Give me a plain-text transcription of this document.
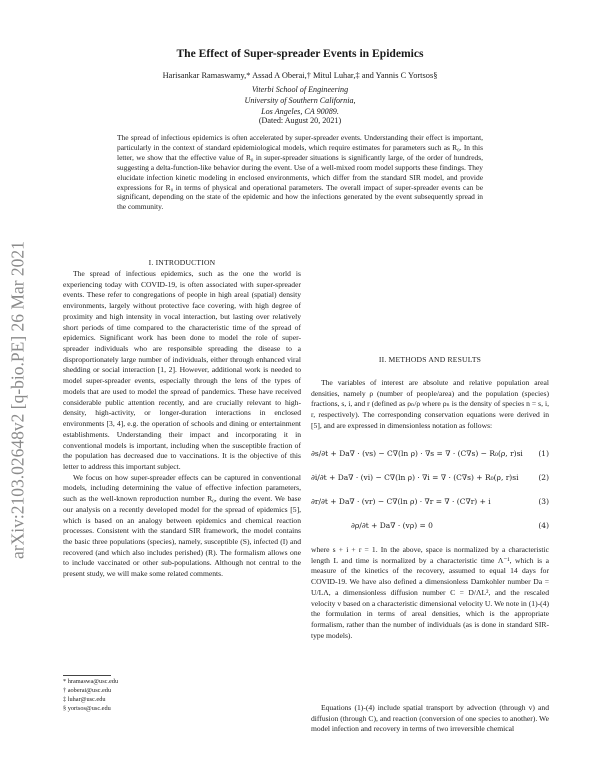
arXiv:2103.02648v2 [q-bio.PE] 26 Mar 2021
The Effect of Super-spreader Events in Epidemics
Harisankar Ramaswamy,* Assad A Oberai,† Mitul Luhar,‡ and Yannis C Yortsos§
Viterbi School of Engineering
University of Southern California,
Los Angeles, CA 90089.
(Dated: August 20, 2021)
The spread of infectious epidemics is often accelerated by super-spreader events. Understanding their effect is important, particularly in the context of standard epidemiological models, which require estimates for parameters such as R₀. In this letter, we show that the effective value of R₀ in super-spreader situations is significantly large, of the order of hundreds, suggesting a delta-function-like behavior during the event. Use of a well-mixed room model supports these findings. They elucidate infection kinetic modeling in enclosed environments, which differ from the standard SIR model, and provide expressions for R₀ in terms of physical and operational parameters. The overall impact of super-spreader events can be significant, depending on the state of the epidemic and how the infections generated by the event subsequently spread in the community.
I. INTRODUCTION

The spread of infectious epidemics, such as the one the world is experiencing today with COVID-19, is often associated with super-spreader events. These refer to congregations of people in high areal (spatial) density environments, largely without protective face covering, with high degree of proximity and high intensity in vocal interaction, but lasting over relatively short periods of time compared to the characteristic time of the spread of epidemics. Significant work has been done to model the role of super-spreader individuals who are responsible spreading the disease to a disproportionately large number of individuals, either through enhanced viral shedding or social interaction [1, 2]. However, additional work is needed to model super-spreader events, especially through the lens of the types of models that are used to model the spread of pandemics. These have received considerable public attention recently, and are crucially relevant to high-density, high-activity, or longer-duration interactions in enclosed environments [3, 4], e.g. the operation of schools and dining or entertainment establishments. Understanding their impact and incorporating it in conventional models is important, including when the susceptible fraction of the population has decreased due to vaccinations. It is the objective of this letter to address this important subject.

We focus on how super-spreader effects can be captured in conventional models, including determining the value of effective infection parameters, such as the well-known reproduction number R₀, during the event. We base our analysis on a recently developed model for the spread of epidemics [5], which is based on an analogy between epidemics and chemical reaction processes. Consistent with the standard SIR framework, the model contains the basic three populations (species), namely, susceptible (S), infected (I) and recovered (and which also includes perished) (R). The formalism allows one to include vaccinated or other sub-populations. Although not central to the present study, we will make some related comments.

* hramaswa@usc.edu
† aoberai@usc.edu
‡ luhar@usc.edu
§ yortsos@usc.edu
II. METHODS AND RESULTS

The variables of interest are absolute and relative population areal densities, namely ρ (number of people/area) and the population (species) fractions, s, i, and r (defined as ρₙ/ρ where ρₙ is the density of species n = s, i, r, respectively). The corresponding conservation equations were derived in [5], and are expressed in dimensionless notation as follows:

∂s/∂t + Da∇ · (vs) − C∇(ln ρ) · ∇s = ∇ · (C∇s) − R₀(ρ, r)si (1)
∂i/∂t + Da∇ · (vi) − C∇(ln ρ) · ∇i = ∇ · (C∇s) + R₀(ρ, r)si	(2)
∂r/∂t + Da∇ · (vr) − C∇(ln ρ) · ∇r = ∇ · (C∇r) + i	(3)
∂ρ/∂t + Da∇ · (vρ) = 0	(4)

where s + i + r = 1. In the above, space is normalized by a characteristic length L and time is normalized by a characteristic time Λ⁻¹, which is a measure of the kinetics of the recovery, assumed to equal 14 days for COVID-19. We have also defined a dimensionless Damkohler number Da = U/LΛ, a dimensionless diffusion number C = D/ΛL², and the rescaled velocity v based on a characteristic dimensional velocity U. We note in (1)-(4) the formulation in terms of areal densities, which is the appropriate formalism, rather than the number of individuals (as is done in standard SIR-type models).

Equations (1)-(4) include spatial transport by advection (through v) and diffusion (through C), and reaction (conversion of one species to another). We model infection and recovery in terms of two irreversible chemical
